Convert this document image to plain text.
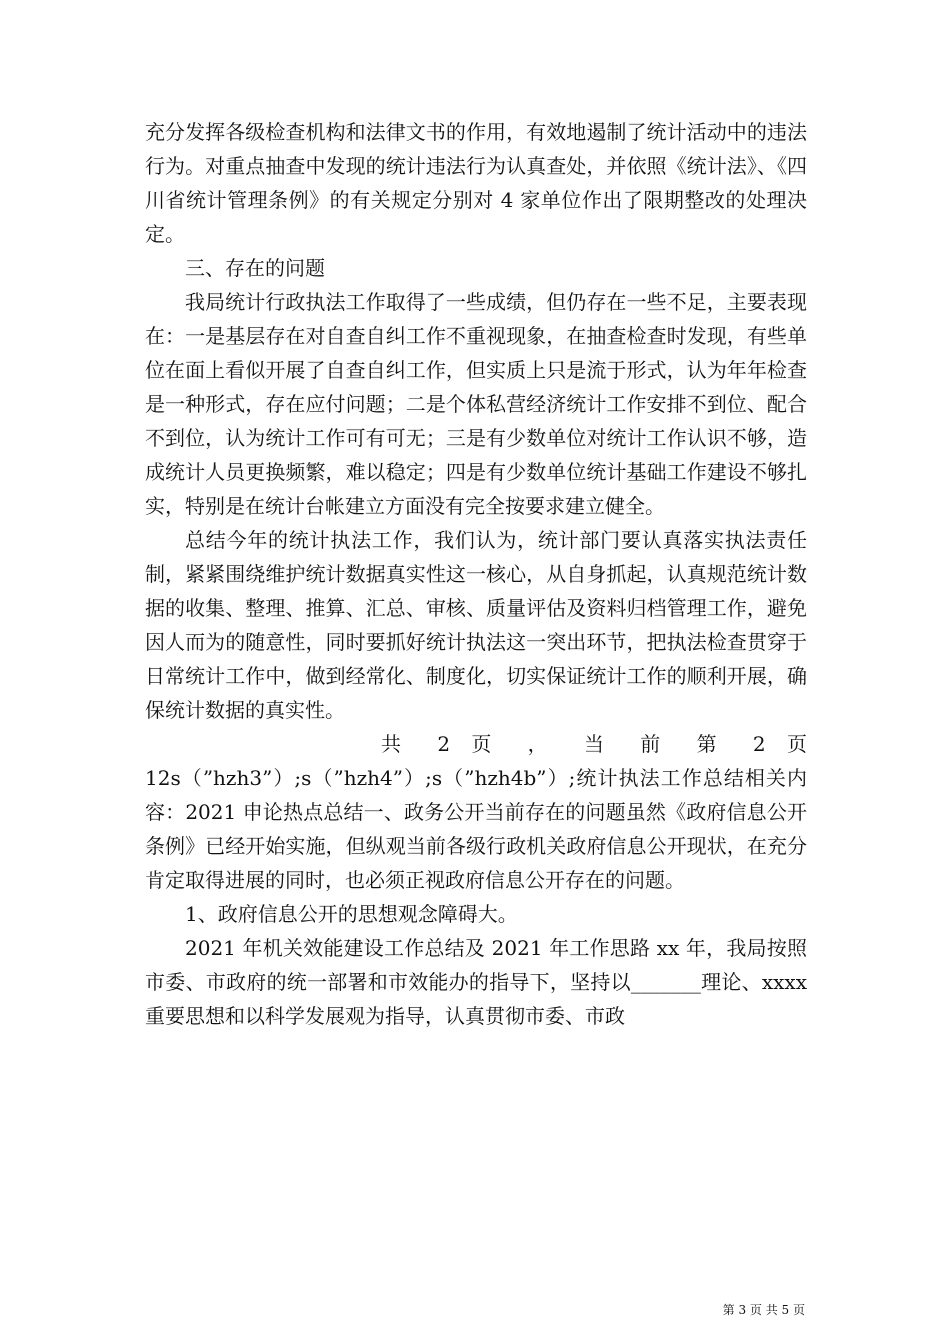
充分发挥各级检查机构和法律文书的作用，有效地遏制了统计活动中的违法行为。对重点抽查中发现的统计违法行为认真查处，并依照《统计法》、《四川省统计管理条例》的有关规定分别对 4 家单位作出了限期整改的处理决定。

三、存在的问题

我局统计行政执法工作取得了一些成绩，但仍存在一些不足，主要表现在：一是基层存在对自查自纠工作不重视现象，在抽查检查时发现，有些单位在面上看似开展了自查自纠工作，但实质上只是流于形式，认为年年检查是一种形式，存在应付问题；二是个体私营经济统计工作安排不到位、配合不到位，认为统计工作可有可无；三是有少数单位对统计工作认识不够，造成统计人员更换频繁，难以稳定；四是有少数单位统计基础工作建设不够扎实，特别是在统计台帐建立方面没有完全按要求建立健全。

总结今年的统计执法工作，我们认为，统计部门要认真落实执法责任制，紧紧围绕维护统计数据真实性这一核心，从自身抓起，认真规范统计数据的收集、整理、推算、汇总、审核、质量评估及资料归档管理工作，避免因人而为的随意性，同时要抓好统计执法这一突出环节，把执法检查贯穿于日常统计工作中，做到经常化、制度化，切实保证统计工作的顺利开展，确保统计数据的真实性。

共 2 页 ， 当 前 第 2 页

12s（”hzh3”）;s（”hzh4”）;s（”hzh4b”）;统计执法工作总结相关内容：2021 申论热点总结一、政务公开当前存在的问题虽然《政府信息公开条例》已经开始实施，但纵观当前各级行政机关政府信息公开现状，在充分肯定取得进展的同时，也必须正视政府信息公开存在的问题。

1、政府信息公开的思想观念障碍大。

2021 年机关效能建设工作总结及 2021 年工作思路 xx 年，我局按照市委、市政府的统一部署和市效能办的指导下，坚持以_______理论、xxxx 重要思想和以科学发展观为指导，认真贯彻市委、市政

第 3 页 共 5 页
